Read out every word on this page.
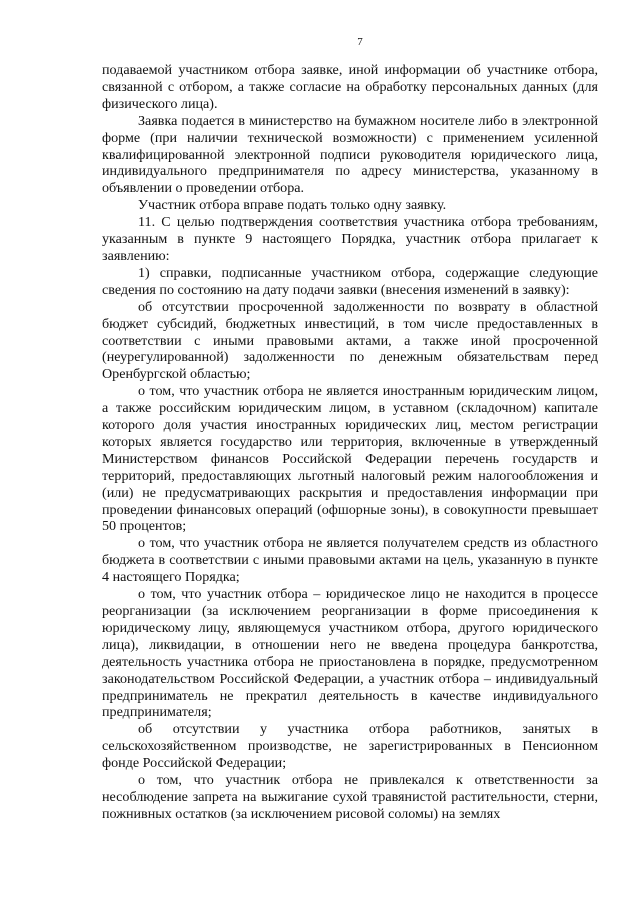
7

подаваемой участником отбора заявке, иной информации об участнике отбора, связанной с отбором, а также согласие на обработку персональных данных (для физического лица).

Заявка подается в министерство на бумажном носителе либо в электронной форме (при наличии технической возможности) с применением усиленной квалифицированной электронной подписи руководителя юридического лица, индивидуального предпринимателя по адресу министерства, указанному в объявлении о проведении отбора.

Участник отбора вправе подать только одну заявку.

11. С целью подтверждения соответствия участника отбора требованиям, указанным в пункте 9 настоящего Порядка, участник отбора прилагает к заявлению:

1) справки, подписанные участником отбора, содержащие следующие сведения по состоянию на дату подачи заявки (внесения изменений в заявку):

об отсутствии просроченной задолженности по возврату в областной бюджет субсидий, бюджетных инвестиций, в том числе предоставленных в соответствии с иными правовыми актами, а также иной просроченной (неурегулированной) задолженности по денежным обязательствам перед Оренбургской областью;

о том, что участник отбора не является иностранным юридическим лицом, а также российским юридическим лицом, в уставном (складочном) капитале которого доля участия иностранных юридических лиц, местом регистрации которых является государство или территория, включенные в утвержденный Министерством финансов Российской Федерации перечень государств и территорий, предоставляющих льготный налоговый режим налогообложения и (или) не предусматривающих раскрытия и предоставления информации при проведении финансовых операций (офшорные зоны), в совокупности превышает 50 процентов;

о том, что участник отбора не является получателем средств из областного бюджета в соответствии с иными правовыми актами на цель, указанную в пункте 4 настоящего Порядка;

о том, что участник отбора – юридическое лицо не находится в процессе реорганизации (за исключением реорганизации в форме присоединения к юридическому лицу, являющемуся участником отбора, другого юридического лица), ликвидации, в отношении него не введена процедура банкротства, деятельность участника отбора не приостановлена в порядке, предусмотренном законодательством Российской Федерации, а участник отбора – индивидуальный предприниматель не прекратил деятельность в качестве индивидуального предпринимателя;

об отсутствии у участника отбора работников, занятых в сельскохозяйственном производстве, не зарегистрированных в Пенсионном фонде Российской Федерации;

о том, что участник отбора не привлекался к ответственности за несоблюдение запрета на выжигание сухой травянистой растительности, стерни, пожнивных остатков (за исключением рисовой соломы) на землях
